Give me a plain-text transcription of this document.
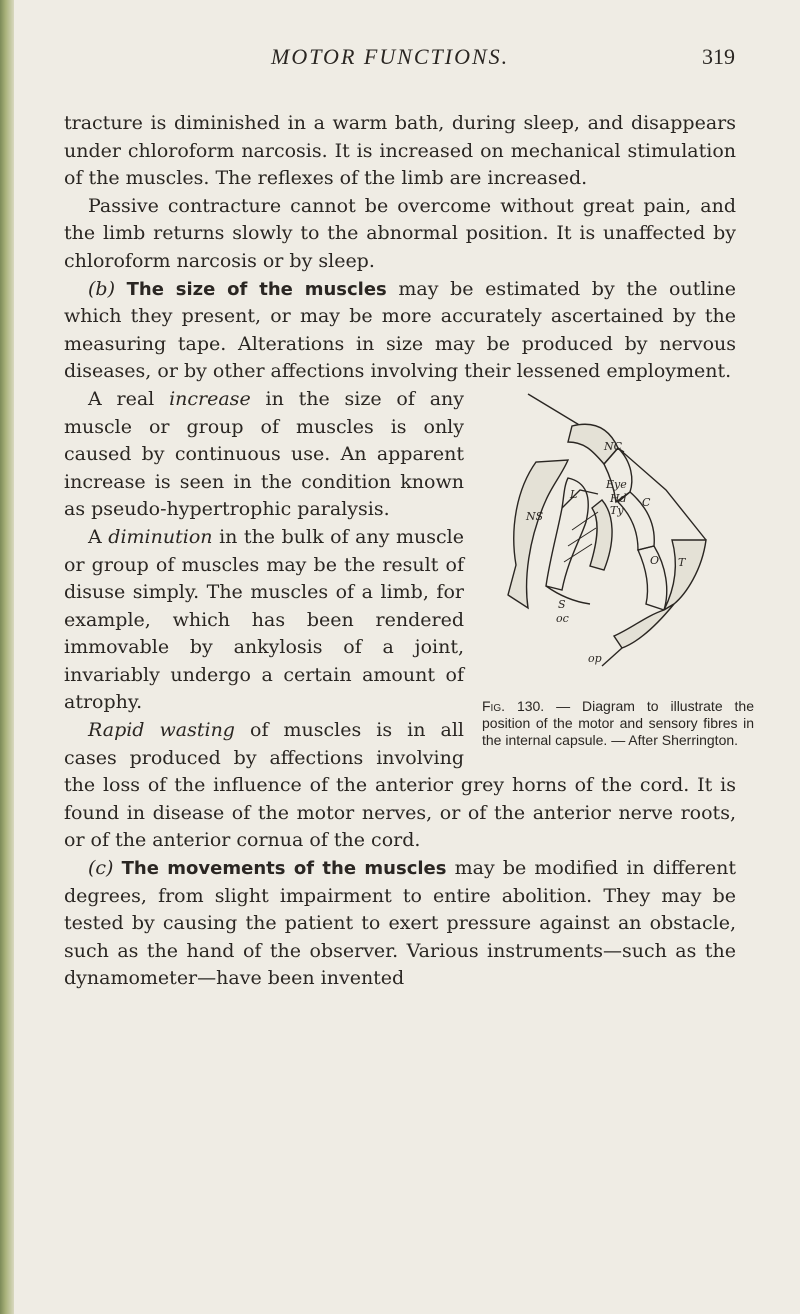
MOTOR FUNCTIONS.	319

tracture is diminished in a warm bath, during sleep, and disappears under chloroform narcosis. It is increased on mechanical stimulation of the muscles. The reflexes of the limb are increased.

Passive contracture cannot be overcome without great pain, and the limb returns slowly to the abnormal position. It is unaffected by chloroform narcosis or by sleep.

(b) The size of the muscles may be estimated by the outline which they present, or may be more accurately ascertained by the measuring tape. Alterations in size may be produced by nervous diseases, or by other affections involving their lessened employment.

NC
NS
L
Eye
Hd
Ty
C
O T
S
oc
op
Fig. 130. — Diagram to illustrate the position of the motor and sensory fibres in the internal capsule. — After Sherrington.

A real increase in the size of any muscle or group of muscles is only caused by continuous use. An apparent increase is seen in the condition known as pseudo-hypertrophic paralysis.

A diminution in the bulk of any muscle or group of muscles may be the result of disuse simply. The muscles of a limb, for example, which has been rendered immovable by ankylosis of a joint, invariably undergo a certain amount of atrophy.

Rapid wasting of muscles is in all cases produced by affections involving the loss of the influence of the anterior grey horns of the cord. It is found in disease of the motor nerves, or of the anterior nerve roots, or of the anterior cornua of the cord.

(c) The movements of the muscles may be modified in different degrees, from slight impairment to entire abolition. They may be tested by causing the patient to exert pressure against an obstacle, such as the hand of the observer. Various instruments—such as the dynamometer—have been invented
